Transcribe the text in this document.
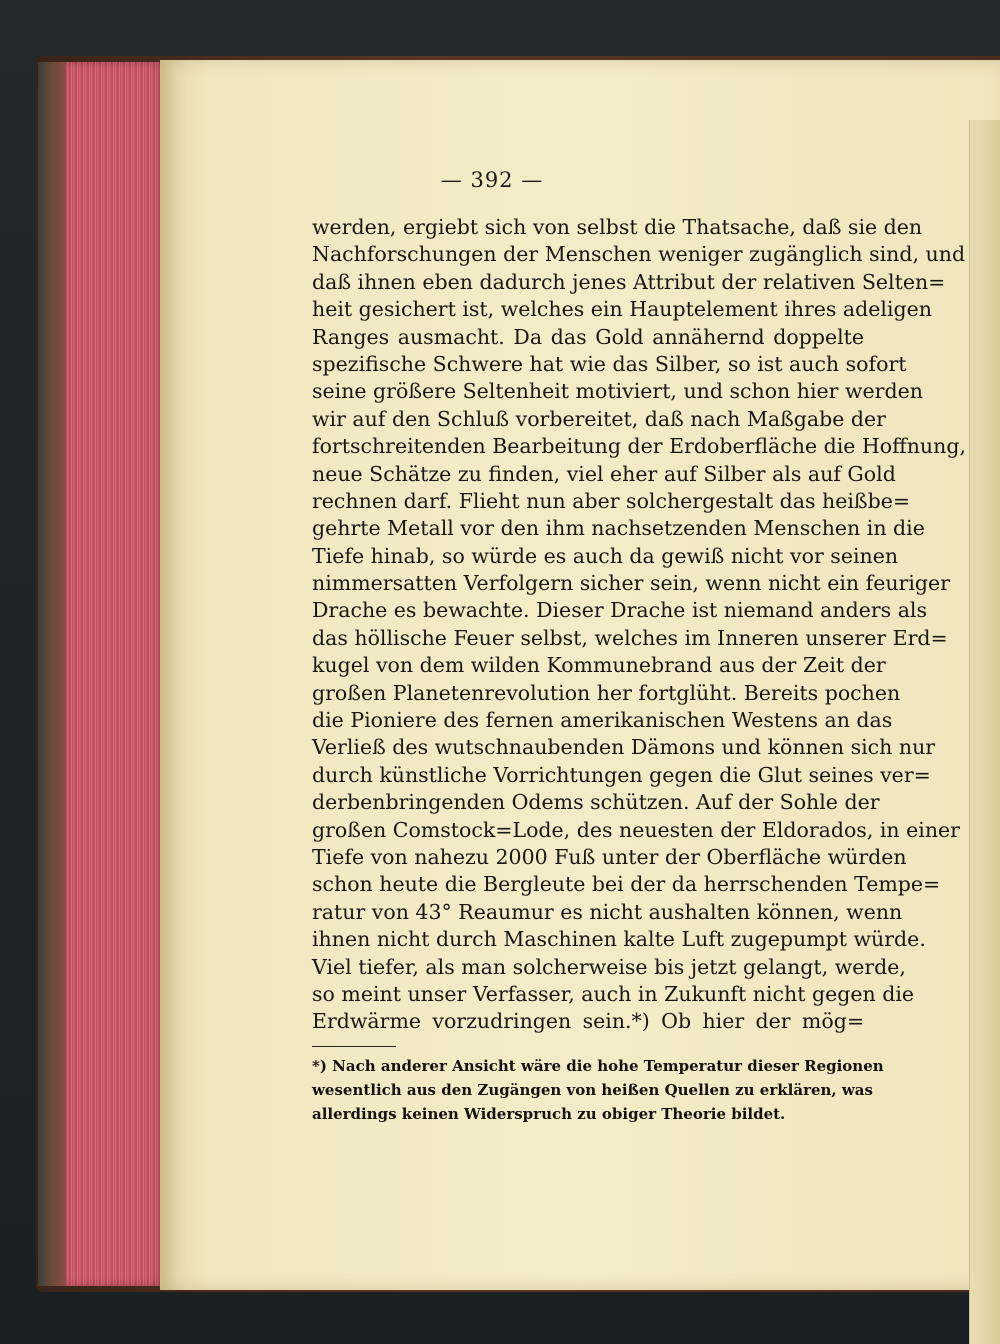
— 392 —
werden, ergiebt sich von selbst die Thatsache, daß sie den
Nachforschungen der Menschen weniger zugänglich sind, und
daß ihnen eben dadurch jenes Attribut der relativen Selten=
heit gesichert ist, welches ein Hauptelement ihres adeligen
Ranges ausmacht. Da das Gold annähernd doppelte
spezifische Schwere hat wie das Silber, so ist auch sofort
seine größere Seltenheit motiviert, und schon hier werden
wir auf den Schluß vorbereitet, daß nach Maßgabe der
fortschreitenden Bearbeitung der Erdoberfläche die Hoffnung,
neue Schätze zu finden, viel eher auf Silber als auf Gold
rechnen darf. Flieht nun aber solchergestalt das heißbe=
gehrte Metall vor den ihm nachsetzenden Menschen in die
Tiefe hinab, so würde es auch da gewiß nicht vor seinen
nimmersatten Verfolgern sicher sein, wenn nicht ein feuriger
Drache es bewachte. Dieser Drache ist niemand anders als
das höllische Feuer selbst, welches im Inneren unserer Erd=
kugel von dem wilden Kommunebrand aus der Zeit der
großen Planetenrevolution her fortglüht. Bereits pochen
die Pioniere des fernen amerikanischen Westens an das
Verließ des wutschnaubenden Dämons und können sich nur
durch künstliche Vorrichtungen gegen die Glut seines ver=
derbenbringenden Odems schützen. Auf der Sohle der
großen Comstock=Lode, des neuesten der Eldorados, in einer
Tiefe von nahezu 2000 Fuß unter der Oberfläche würden
schon heute die Bergleute bei der da herrschenden Tempe=
ratur von 43° Reaumur es nicht aushalten können, wenn
ihnen nicht durch Maschinen kalte Luft zugepumpt würde.
Viel tiefer, als man solcherweise bis jetzt gelangt, werde,
so meint unser Verfasser, auch in Zukunft nicht gegen die
Erdwärme vorzudringen sein.*) Ob hier der mög=
*) Nach anderer Ansicht wäre die hohe Temperatur dieser Regionen
wesentlich aus den Zugängen von heißen Quellen zu erklären, was
allerdings keinen Widerspruch zu obiger Theorie bildet.
